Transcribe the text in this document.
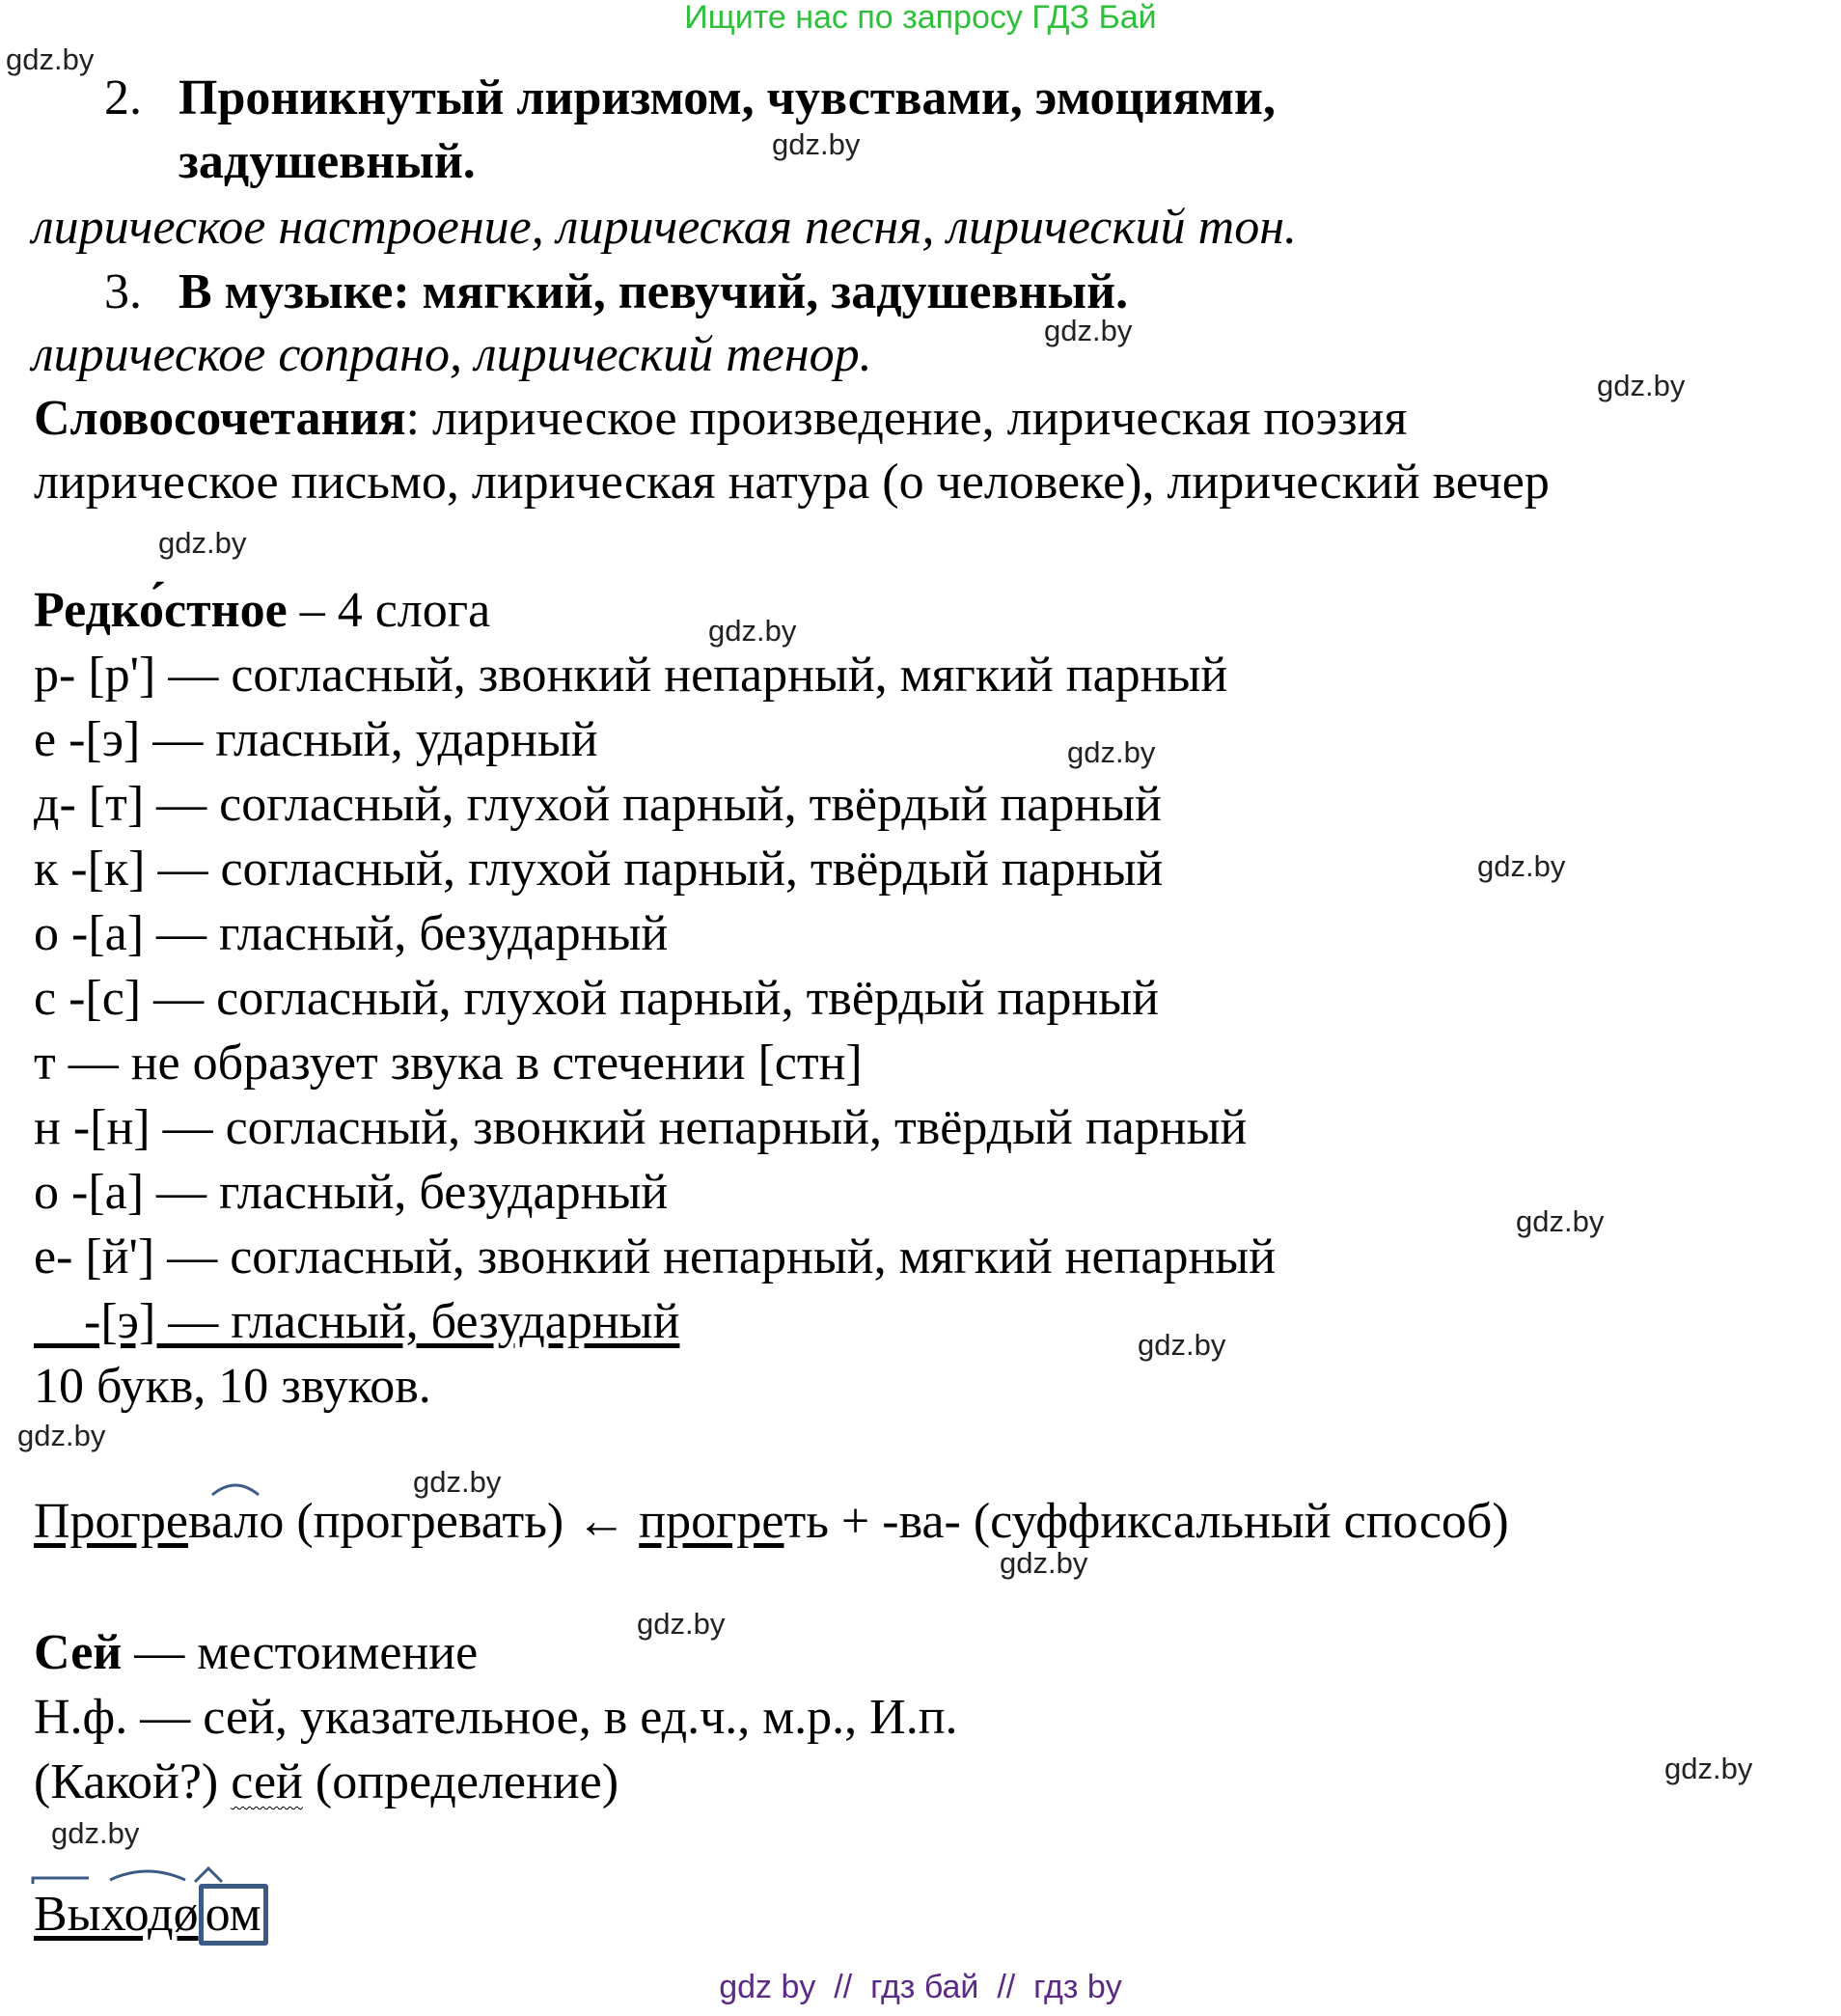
Ищите нас по запросу ГДЗ Бай
gdz.by
gdz.by
gdz.by
gdz.by
gdz.by
gdz.by
gdz.by
gdz.by
gdz.by
gdz.by
gdz.by
gdz.by
gdz.by
gdz.by
gdz.by
gdz.by
2. Проникнутый лиризмом, чувствами, эмоциями,
задушевный.
лирическое настроение, лирическая песня, лирический тон.
3. В музыке: мягкий, певучий, задушевный.
лирическое сопрано, лирический тенор.
Словосочетания: лирическое произведение, лирическая поэзия
лирическое письмо, лирическая натура (о человеке), лирический вечер
Редко́стное – 4 слога
р- [р'] — согласный, звонкий непарный, мягкий парный
е -[э] — гласный, ударный
д- [т] — согласный, глухой парный, твёрдый парный
к -[к] — согласный, глухой парный, твёрдый парный
о -[а] — гласный, безударный
с -[с] — согласный, глухой парный, твёрдый парный
т — не образует звука в стечении [стн]
н -[н] — согласный, звонкий непарный, твёрдый парный
о -[а] — гласный, безударный
е- [й'] — согласный, звонкий непарный, мягкий непарный
-[э] — гласный, безударный
10 букв, 10 звуков.
Прогревало (прогревать) ← прогреть + -ва- (суффиксальный способ)
Сей — местоимение
Н.ф. — сей, указательное, в ед.ч., м.р., И.п.
(Какой?) сей (определение)
Выходø ом
gdz by  //  гдз бай  //  гдз by
